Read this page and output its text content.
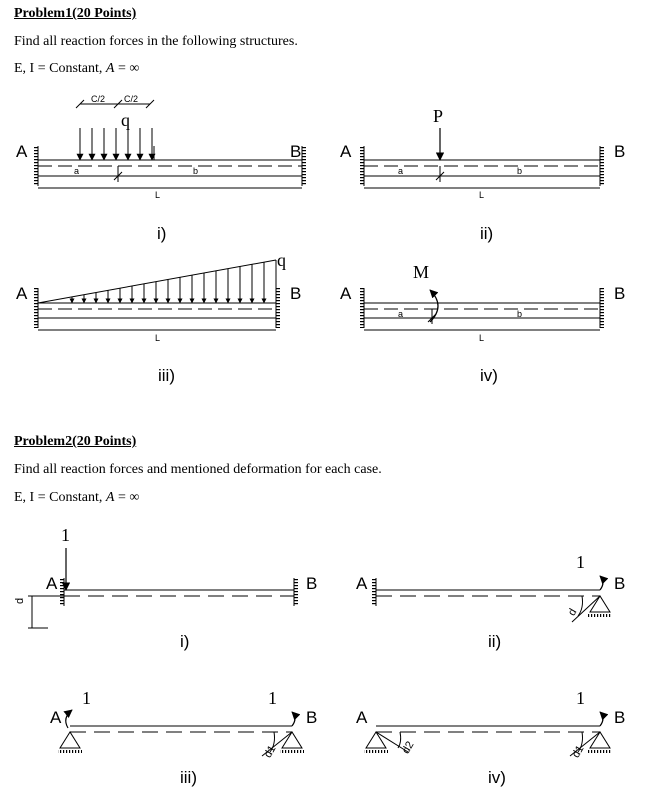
Problem1(20 Points)
Find all reaction forces in the following structures.
E, I = Constant, A = ∞
Problem2(20 Points)
Find all reaction forces and mentioned deformation for each case.
E, I = Constant, A = ∞
A	B
q
C/2 C/2
a	b
L
i)
A	B
P
a	b
L
ii)
A	B
q
L
iii)
A	B
M
a	b
L
iv)
A	B
1
d
i)
A	B
1
d
ii)
A	B
1	1
d1
iii)
A	B
1
d2	d1
iv)
